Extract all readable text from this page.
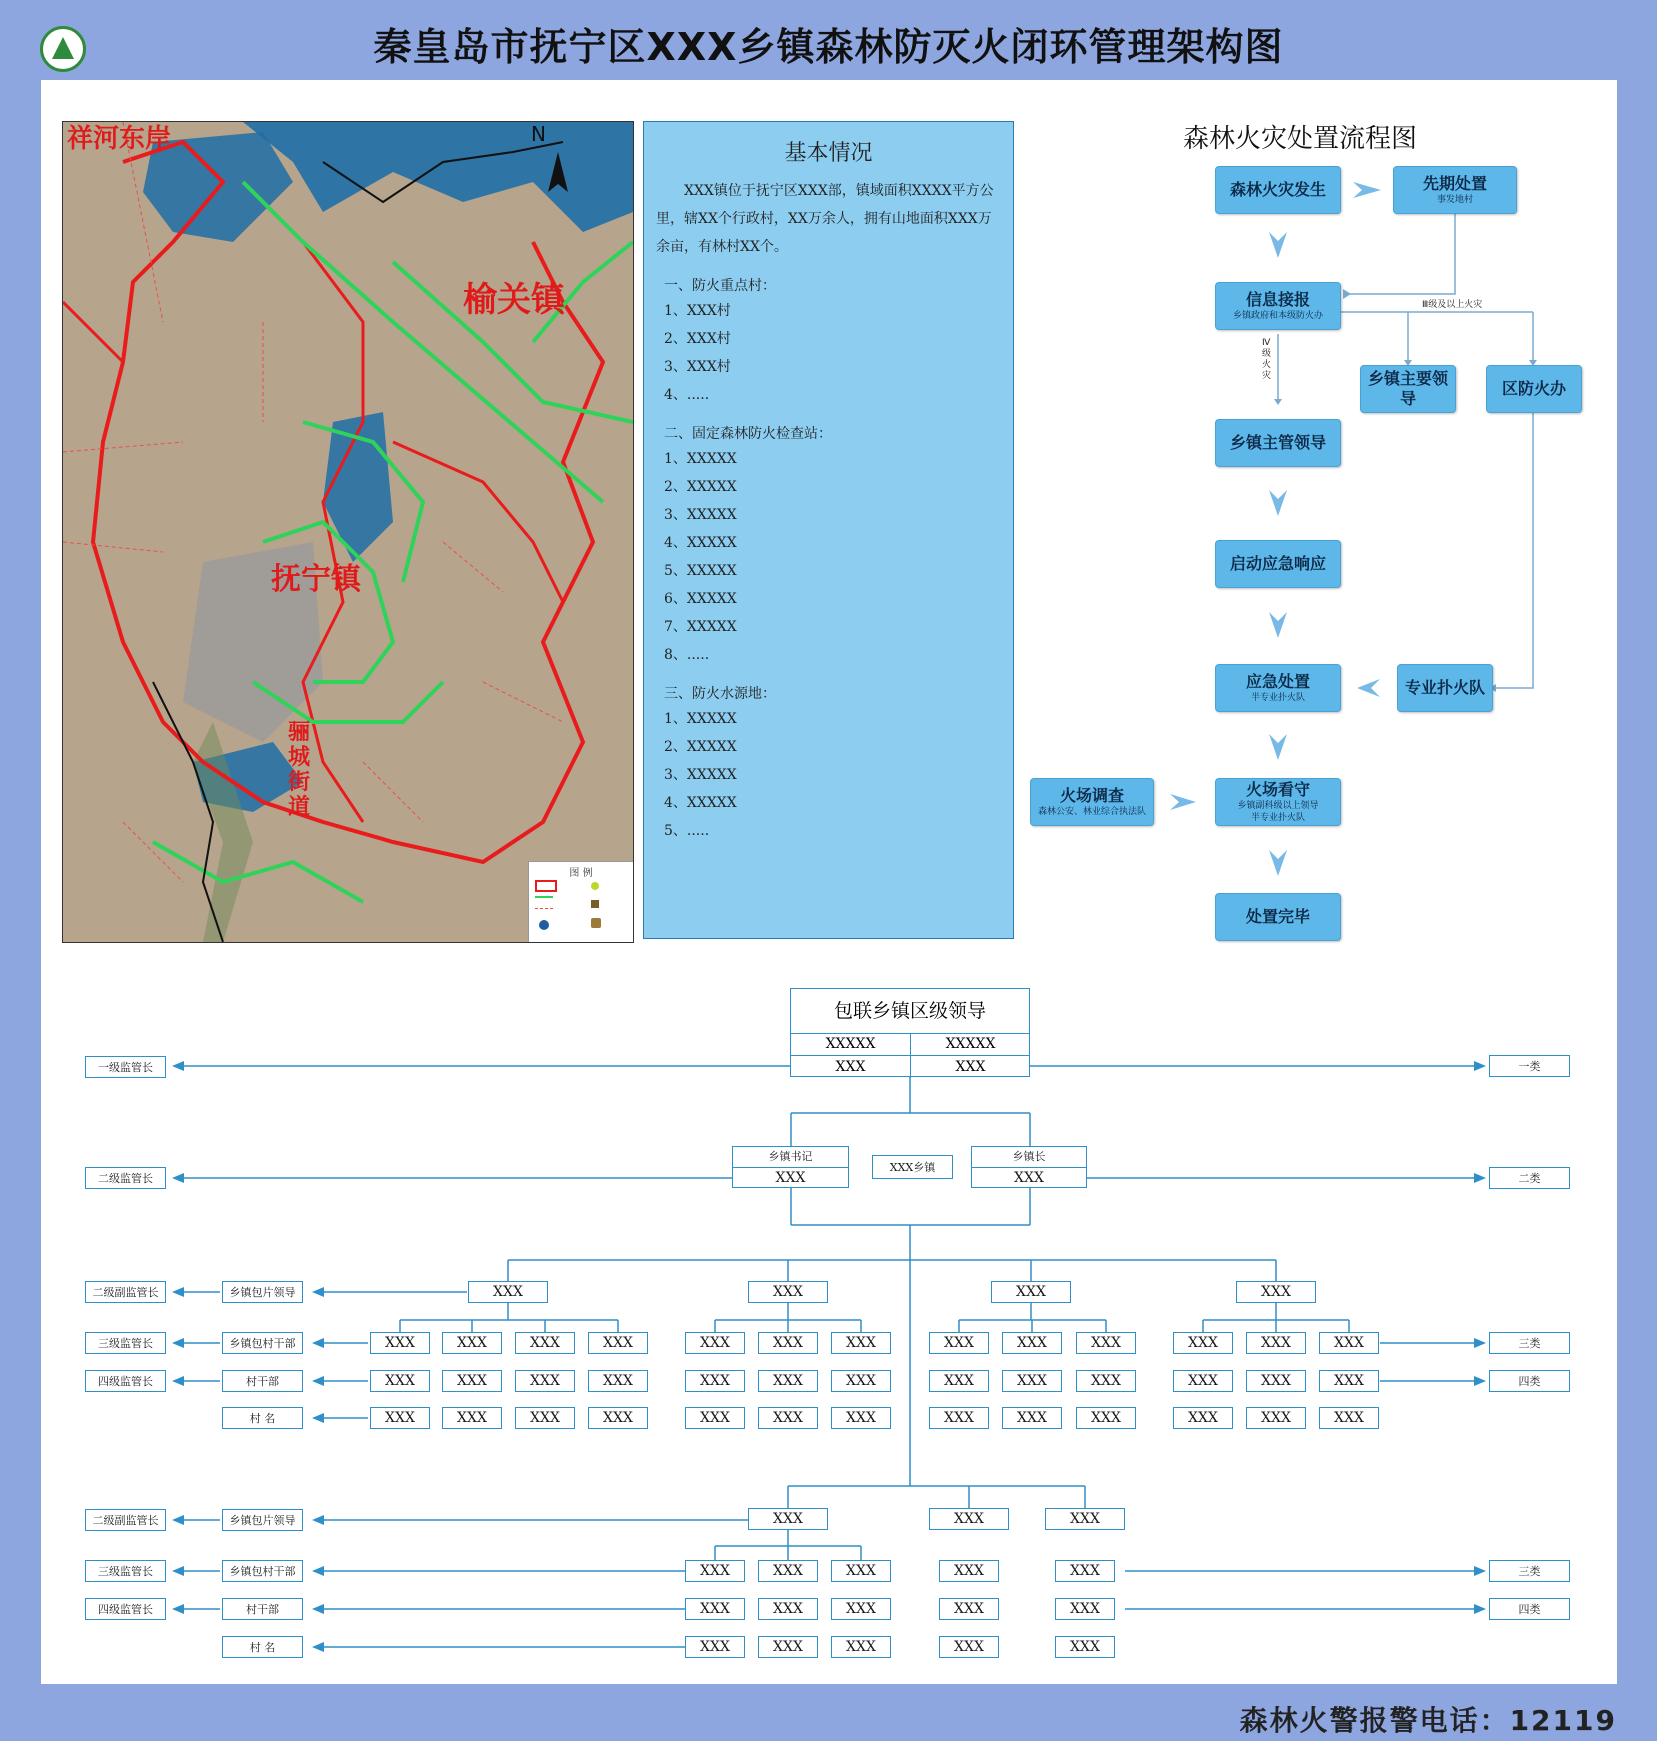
秦皇岛市抚宁区XXX乡镇森林防灭火闭环管理架构图
榆关镇
抚宁镇
骊城街道
祥河东岸	N
图 例
基本情况
XXX镇位于抚宁区XXX部，镇域面积XXXX平方公里，辖XX个行政村，XX万余人，拥有山地面积XXX万余亩，有林村XX个。
一、防火重点村：
1、XXX村
2、XXX村
3、XXX村
4、.....
二、固定森林防火检查站：
1、XXXXX
2、XXXXX
3、XXXXX
4、XXXXX
5、XXXXX
6、XXXXX
7、XXXXX
8、.....
三、防火水源地：
1、XXXXX
2、XXXXX
3、XXXXX
4、XXXXX
5、.....
森林火灾处置流程图
森林火灾发生	先期处置
事发地村
信息接报
乡镇政府和本级防火办
乡镇主要领导
区防火办
乡镇主管领导
启动应急响应
应急处置
半专业扑火队
专业扑火队
火场调查
森林公安、林业综合执法队
火场看守
乡镇副科级以上领导
半专业扑火队
处置完毕
Ⅲ级及以上火灾
Ⅳ级火灾
包联乡镇区级领导
XXXXX	XXXXX
XXX	XXX
乡镇书记
XXX
XXX乡镇
乡镇长
XXX
一级监管长
二级监管长
二级副监管长
三级监管长
四级监管长
乡镇包片领导
乡镇包村干部
村干部
村 名
二级副监管长
三级监管长
四级监管长
乡镇包片领导
乡镇包村干部
村干部
村 名
一类
二类
三类
四类
三类
四类
XXX	XXX	XXX	XXX
XXX	XXX	XXX	XXX	XXX	XXX	XXX	XXX	XXX	XXX	XXX	XXX	XXX
XXX	XXX	XXX	XXX	XXX	XXX	XXX	XXX	XXX	XXX	XXX	XXX	XXX
XXX	XXX	XXX	XXX	XXX	XXX	XXX	XXX	XXX	XXX	XXX	XXX	XXX
XXX	XXX	XXX
XXX	XXX	XXX	XXX	XXX
XXX	XXX	XXX	XXX	XXX
XXX	XXX	XXX	XXX	XXX
森林火警报警电话：12119
